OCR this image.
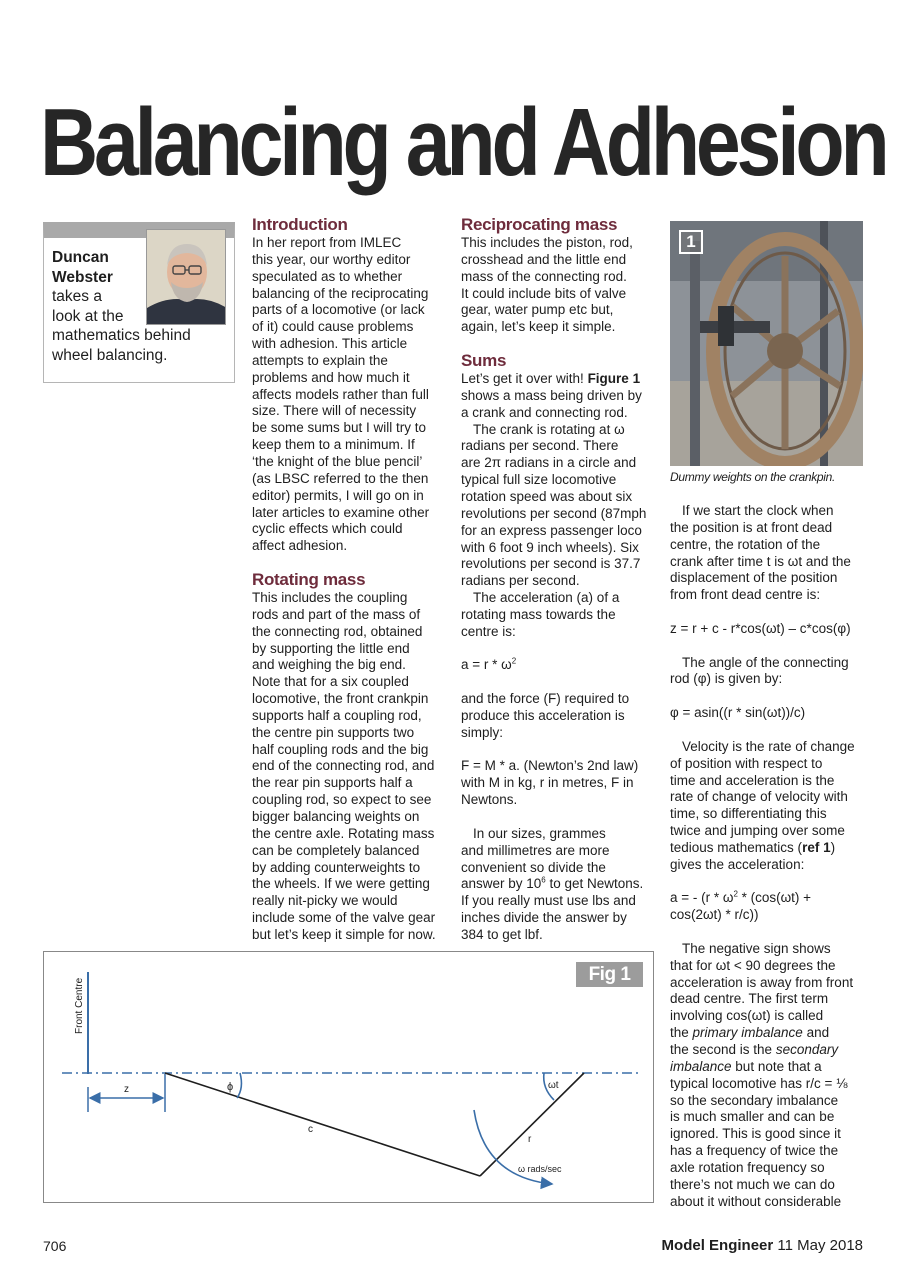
Balancing and Adhesion
Duncan
Webster
takes a
look at the
mathematics behind
wheel balancing.
Introduction
In her report from IMLEC
this year, our worthy editor
speculated as to whether
balancing of the reciprocating
parts of a locomotive (or lack
of it) could cause problems
with adhesion. This article
attempts to explain the
problems and how much it
affects models rather than full
size. There will of necessity
be some sums but I will try to
keep them to a minimum. If
‘the knight of the blue pencil’
(as LBSC referred to the then
editor) permits, I will go on in
later articles to examine other
cyclic effects which could
affect adhesion.
Rotating mass
This includes the coupling
rods and part of the mass of
the connecting rod, obtained
by supporting the little end
and weighing the big end.
Note that for a six coupled
locomotive, the front crankpin
supports half a coupling rod,
the centre pin supports two
half coupling rods and the big
end of the connecting rod, and
the rear pin supports half a
coupling rod, so expect to see
bigger balancing weights on
the centre axle. Rotating mass
can be completely balanced
by adding counterweights to
the wheels. If we were getting
really nit-picky we would
include some of the valve gear
but let’s keep it simple for now.
Reciprocating mass
This includes the piston, rod,
crosshead and the little end
mass of the connecting rod.
It could include bits of valve
gear, water pump etc but,
again, let’s keep it simple.
Sums
Let’s get it over with! Figure 1
shows a mass being driven by
a crank and connecting rod.
The crank is rotating at ω
radians per second. There
are 2π radians in a circle and
typical full size locomotive
rotation speed was about six
revolutions per second (87mph
for an express passenger loco
with 6 foot 9 inch wheels). Six
revolutions per second is 37.7
radians per second.
The acceleration (a) of a
rotating mass towards the
centre is:
$a = r * \omega^2$
and the force (F) required to
produce this acceleration is
simply:
F = M * a. (Newton’s 2nd law)
with M in kg, r in metres, F in
Newtons.
In our sizes, grammes
and millimetres are more
convenient so divide the
answer by $10^6$ to get Newtons.
If you really must use lbs and
inches divide the answer by
384 to get lbf.
1
Dummy weights on the crankpin.
If we start the clock when
the position is at front dead
centre, the rotation of the
crank after time t is ωt and the
displacement of the position
from front dead centre is:
z = r + c - r*cos(ωt) – c*cos(φ)
The angle of the connecting
rod (φ) is given by:
φ = asin((r * sin(ωt))/c)
Velocity is the rate of change
of position with respect to
time and acceleration is the
rate of change of velocity with
time, so differentiating this
twice and jumping over some
tedious mathematics (ref 1)
gives the acceleration:
a = - ($r * \omega^2 * (\cos(\omega t)$ +
cos(2ωt) * r/c))
The negative sign shows
that for ωt < 90 degrees the
acceleration is away from front
dead centre. The first term
involving cos(ωt) is called
the primary imbalance and
the second is the secondary
imbalance but note that a
typical locomotive has r/c = ⅛
so the secondary imbalance
is much smaller and can be
ignored. This is good since it
has a frequency of twice the
axle rotation frequency so
there’s not much we can do
about it without considerable
Front Centre
z	ϕ
c
r
ωt
ω rads/sec
Fig 1
706	Model Engineer 11 May 2018
